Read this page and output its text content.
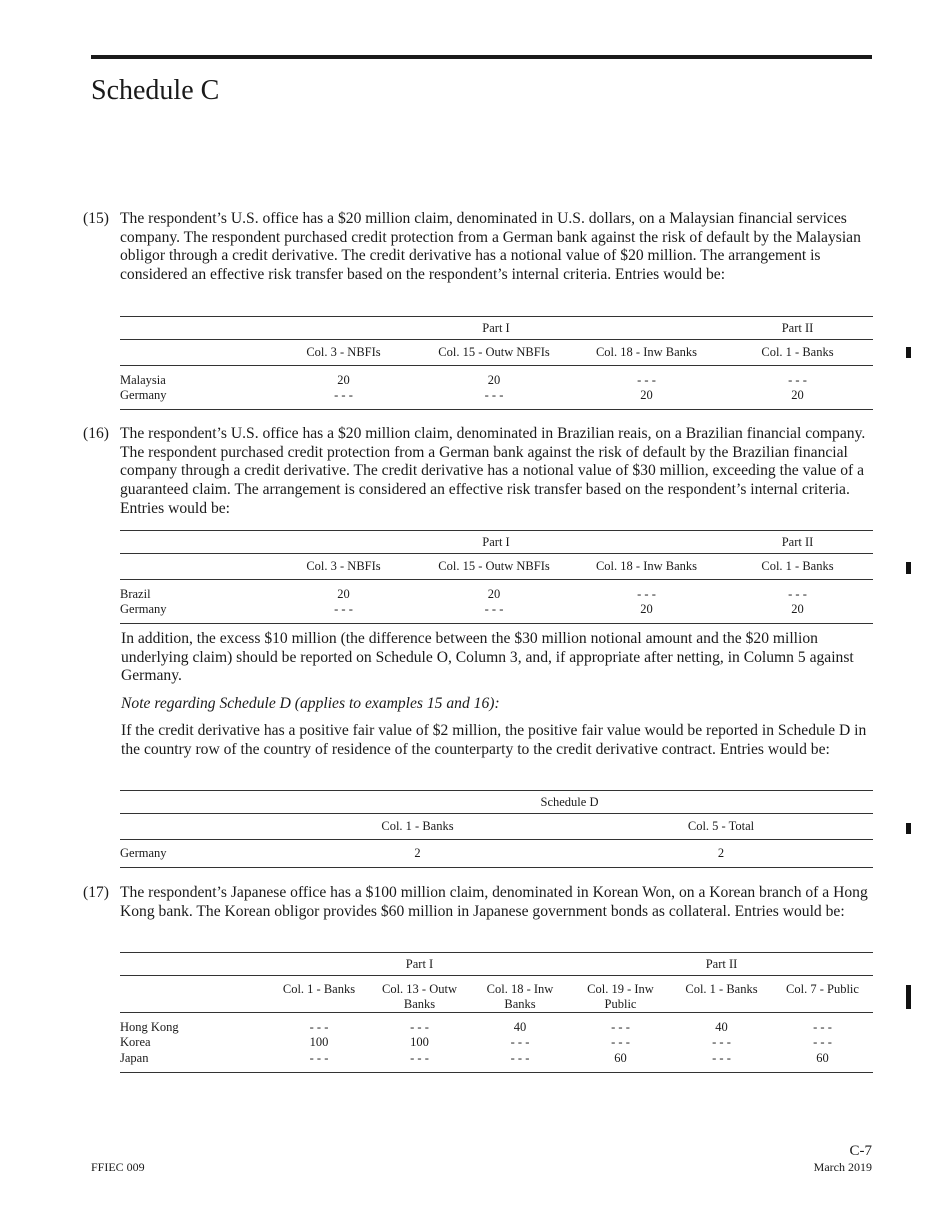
Schedule C
(15) The respondent’s U.S. office has a $20 million claim, denominated in U.S. dollars, on a Malaysian financial services company. The respondent purchased credit protection from a German bank against the risk of default by the Malaysian obligor through a credit derivative. The credit derivative has a notional value of $20 million. The arrangement is considered an effective risk transfer based on the respondent’s internal criteria. Entries would be:
	Part I			Part II
	Col. 3 - NBFIs	Col. 15 - Outw NBFIs	Col. 18 - Inw Banks	Col. 1 - Banks
Malaysia	20	20	- - -	- - -
Germany	- - -	- - -	20	20
(16) The respondent’s U.S. office has a $20 million claim, denominated in Brazilian reais, on a Brazilian financial company. The respondent purchased credit protection from a German bank against the risk of default by the Brazilian financial company through a credit derivative. The credit derivative has a notional value of $30 million, exceeding the value of a guaranteed claim. The arrangement is considered an effective risk transfer based on the respondent’s internal criteria. Entries would be:
	Part I			Part II
	Col. 3 - NBFIs	Col. 15 - Outw NBFIs	Col. 18 - Inw Banks	Col. 1 - Banks
Brazil	20	20	- - -	- - -
Germany	- - -	- - -	20	20
In addition, the excess $10 million (the difference between the $30 million notional amount and the $20 million underlying claim) should be reported on Schedule O, Column 3, and, if appropriate after netting, in Column 5 against Germany.
Note regarding Schedule D (applies to examples 15 and 16):
If the credit derivative has a positive fair value of $2 million, the positive fair value would be reported in Schedule D in the country row of the country of residence of the counterparty to the credit derivative contract. Entries would be:
	Schedule D	
	Col. 1 - Banks	Col. 5 - Total
Germany	2	2
(17) The respondent’s Japanese office has a $100 million claim, denominated in Korean Won, on a Korean branch of a Hong Kong bank. The Korean obligor provides $60 million in Japanese government bonds as collateral. Entries would be:
	Part I			Part II		
	Col. 1 - Banks	Col. 13 - Outw Banks	Col. 18 - Inw Banks	Col. 19 - Inw Public	Col. 1 - Banks	Col. 7 - Public
Hong Kong	- - -	- - -	40	- - -	40	- - -
Korea	100	100	- - -	- - -	- - -	- - -
Japan	- - -	- - -	- - -	60	- - -	60
FFIEC 009
C-7
March 2019
